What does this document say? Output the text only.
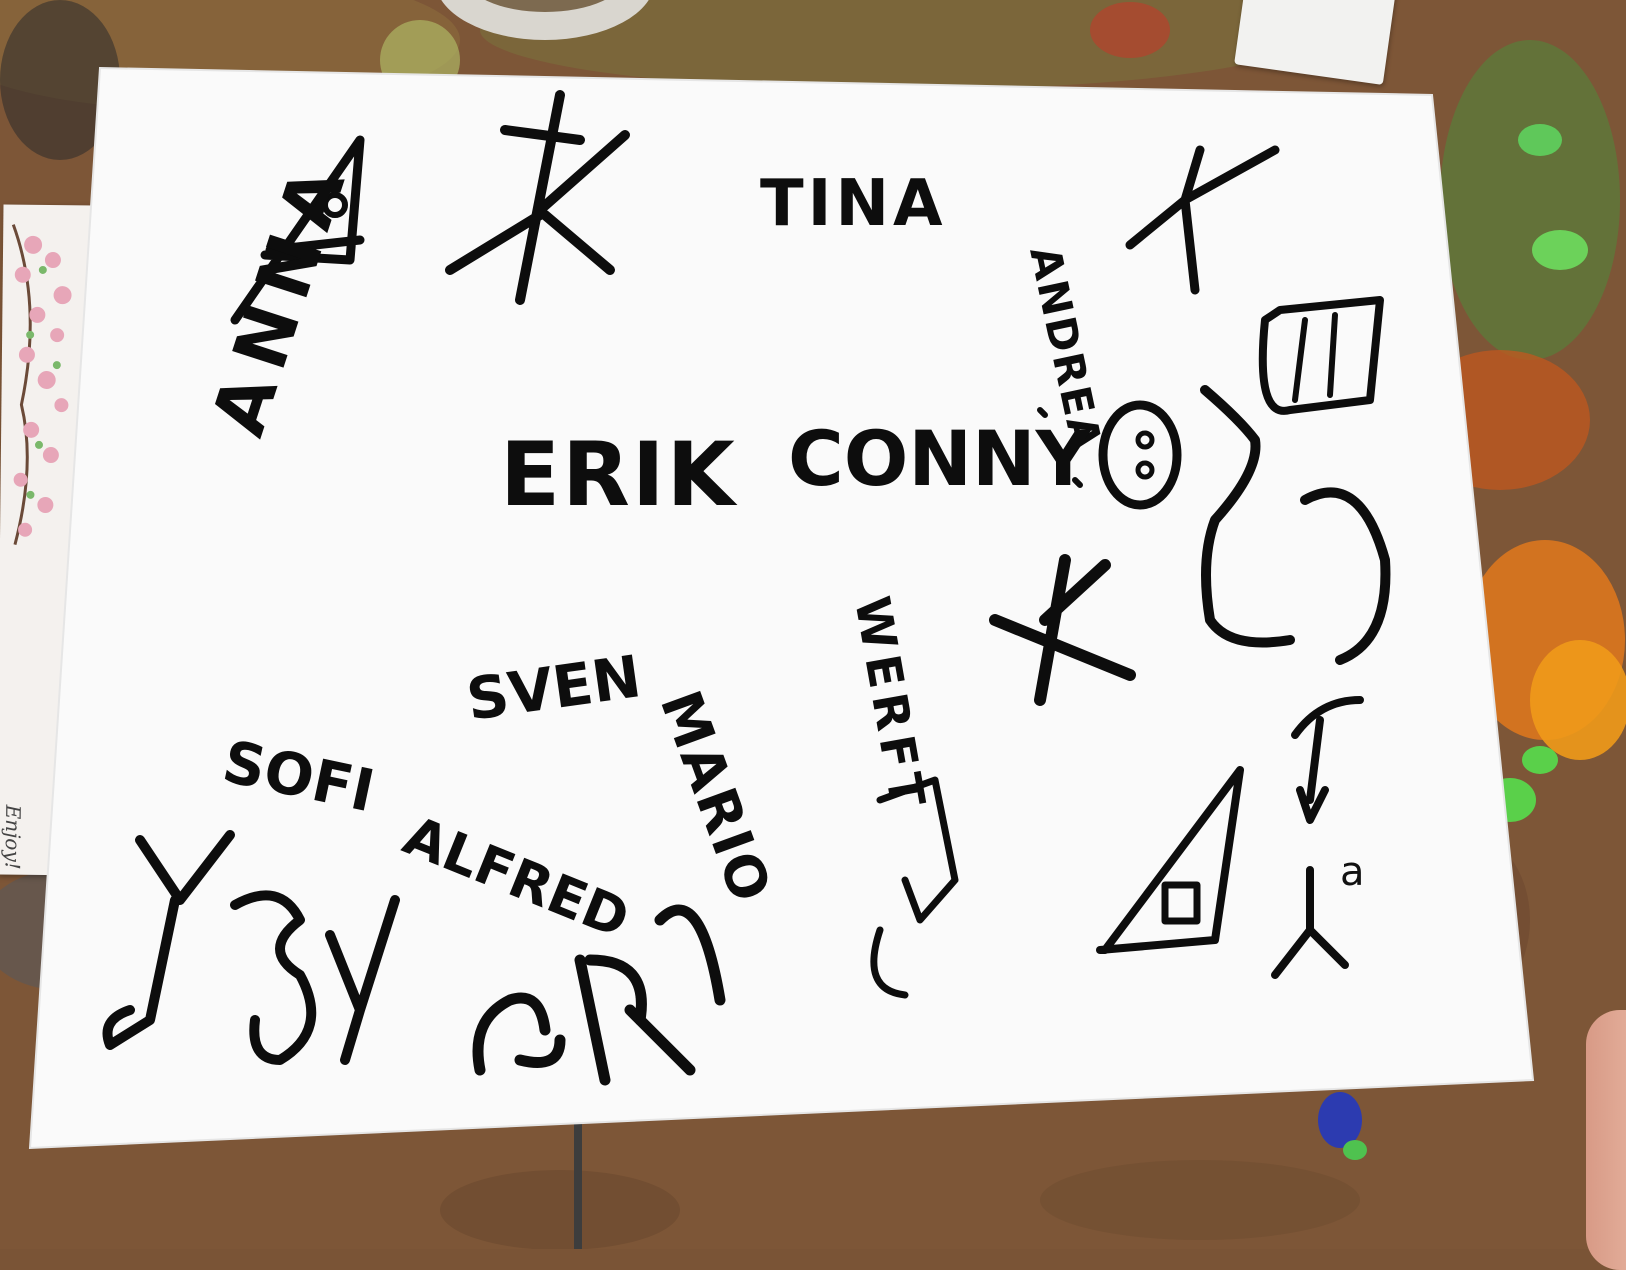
Enjoy!
ANNA	TINA
ANDREA
ERIK CONNY
SVEN MARIO WERFT
SOFI
ALFRED	a
